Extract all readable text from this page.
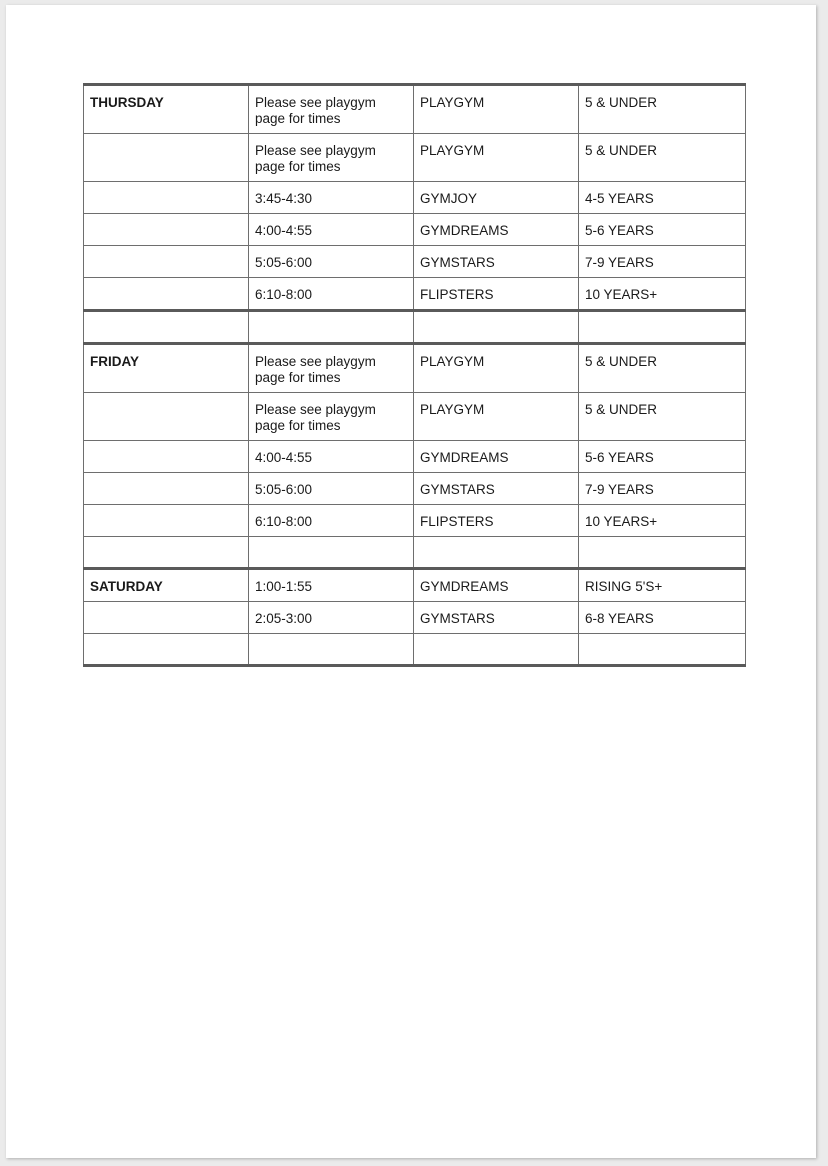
THURSDAY	Please see playgym page for times	PLAYGYM	5 & UNDER
	Please see playgym page for times	PLAYGYM	5 & UNDER
	3:45-4:30	GYMJOY	4-5 YEARS
	4:00-4:55	GYMDREAMS	5-6 YEARS
	5:05-6:00	GYMSTARS	7-9 YEARS
	6:10-8:00	FLIPSTERS	10 YEARS+

FRIDAY	Please see playgym page for times	PLAYGYM	5 & UNDER
	Please see playgym page for times	PLAYGYM	5 & UNDER
	4:00-4:55	GYMDREAMS	5-6 YEARS
	5:05-6:00	GYMSTARS	7-9 YEARS
	6:10-8:00	FLIPSTERS	10 YEARS+

SATURDAY	1:00-1:55	GYMDREAMS	RISING 5'S+
	2:05-3:00	GYMSTARS	6-8 YEARS
